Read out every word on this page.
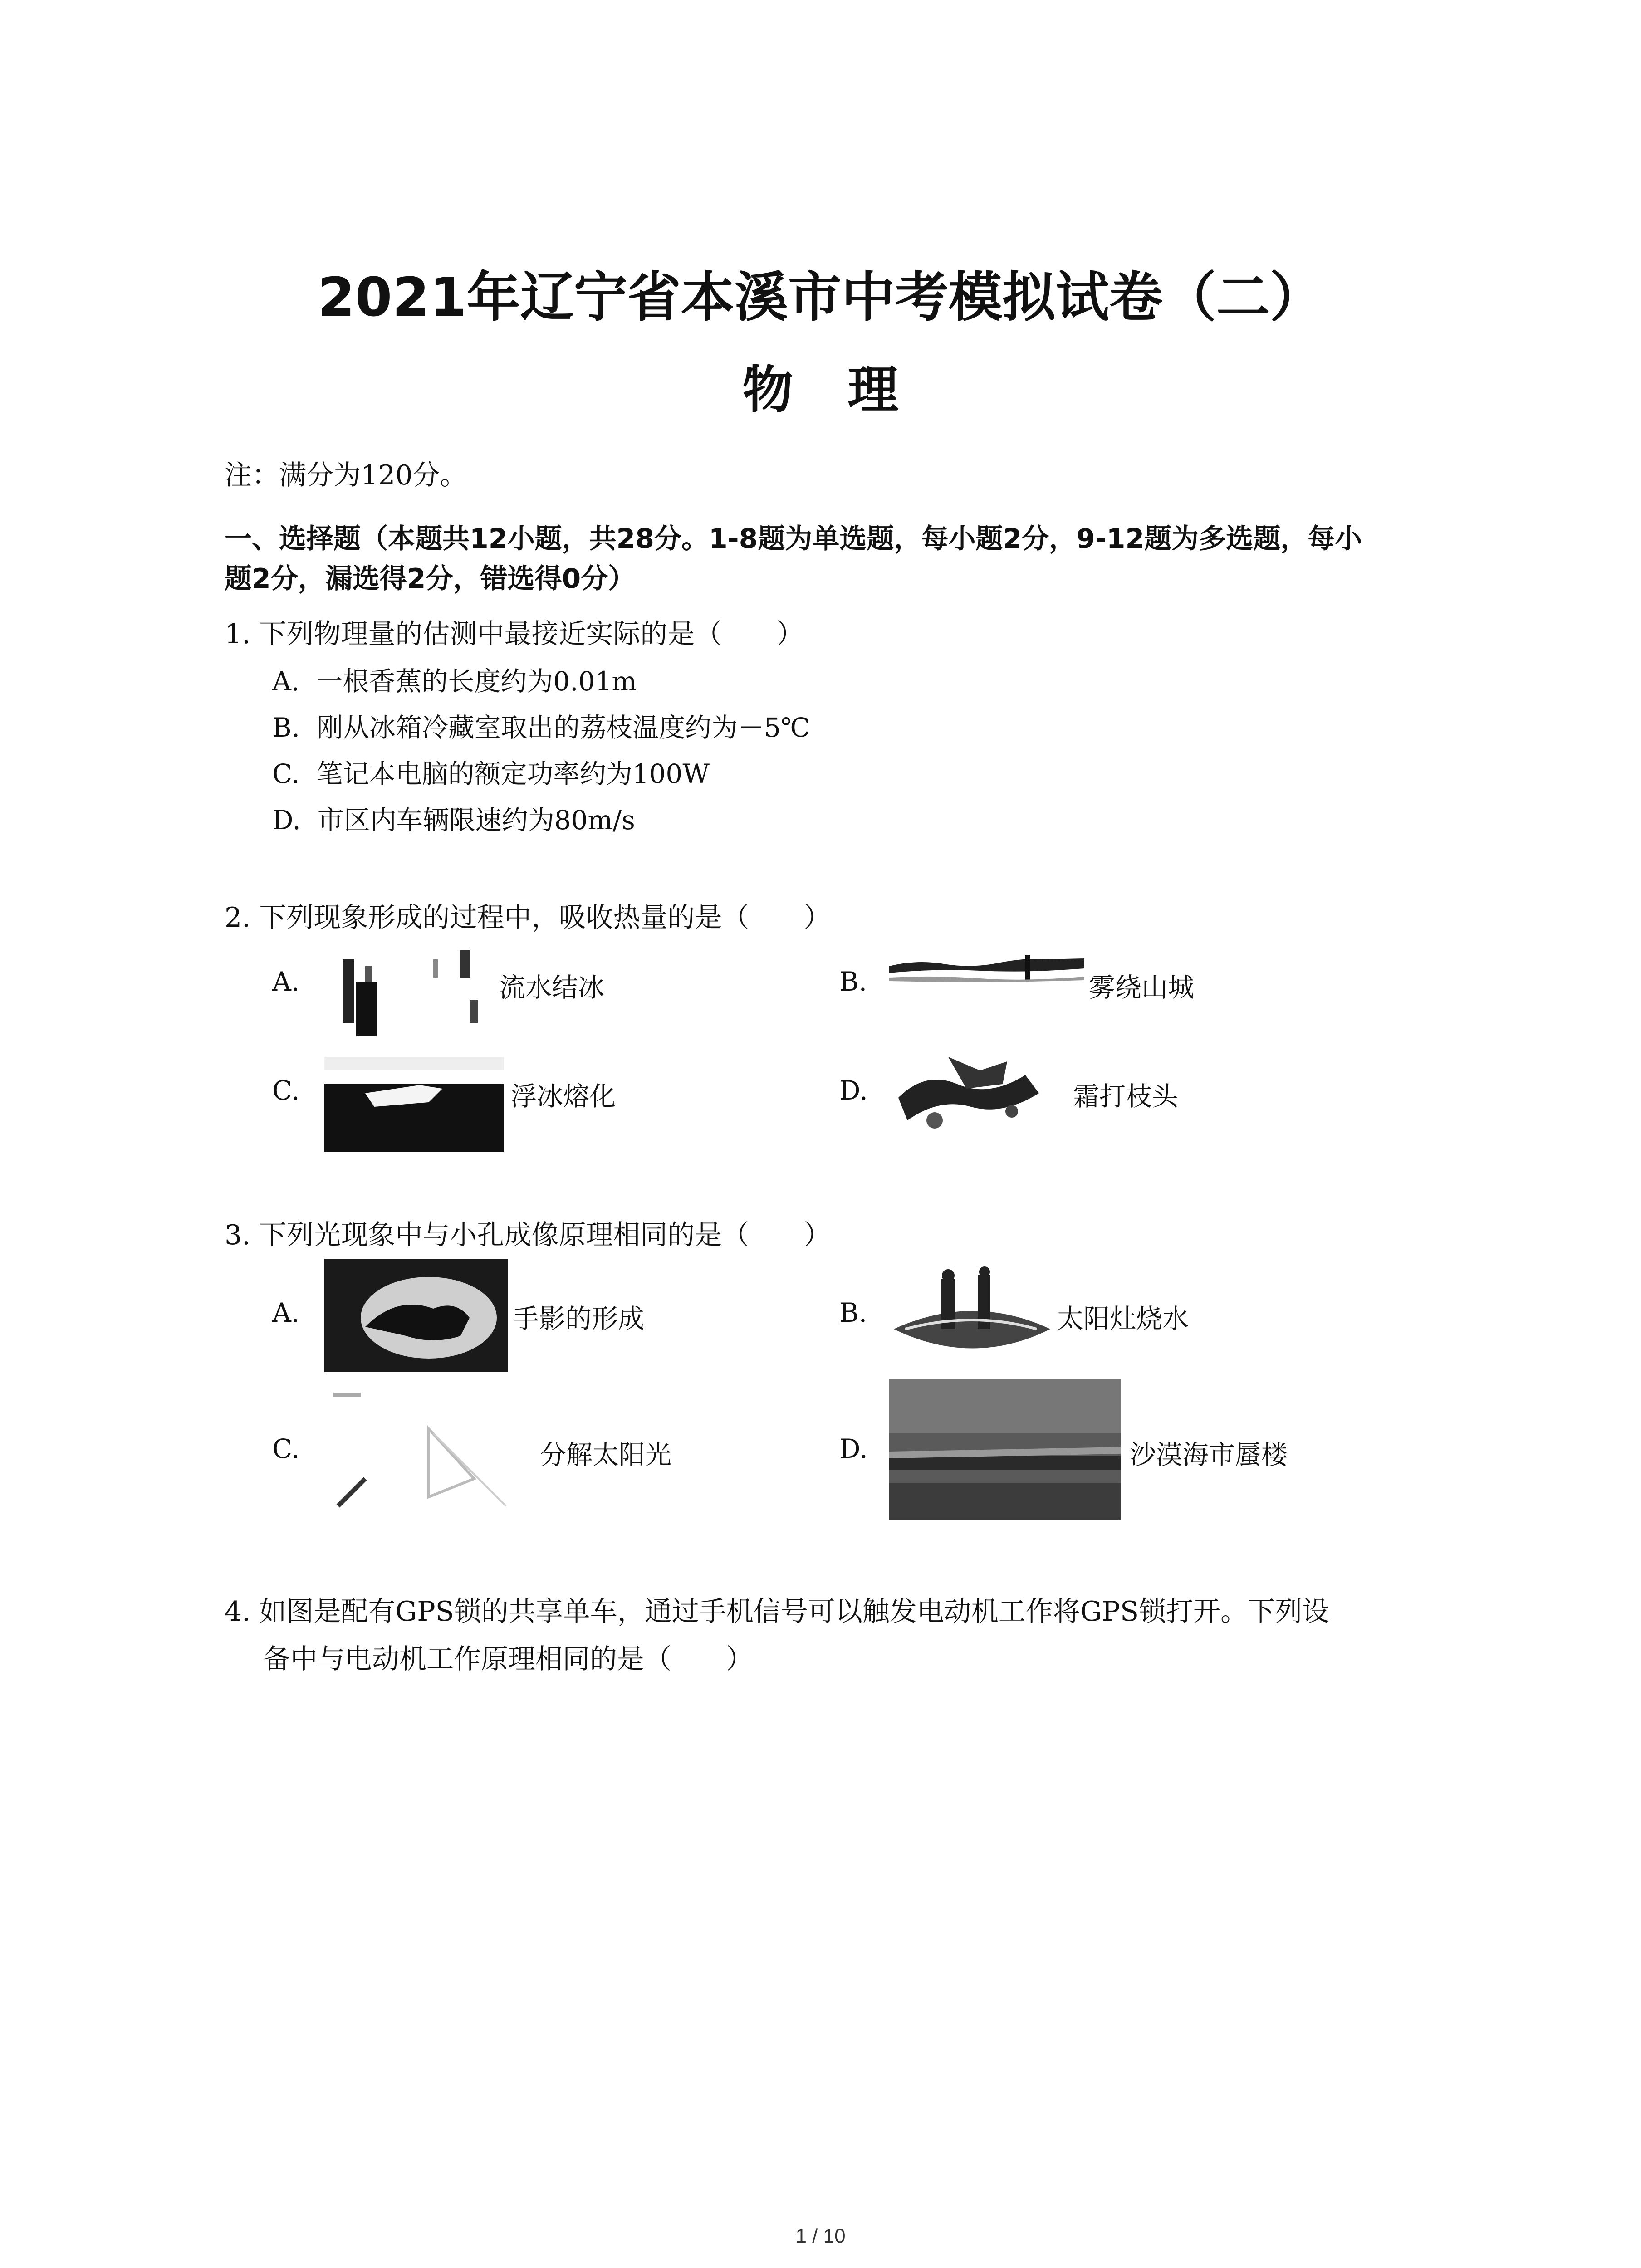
2021年辽宁省本溪市中考模拟试卷（二）
物理
注：满分为120分。
一、选择题（本题共12小题，共28分。1-8题为单选题，每小题2分，9-12题为多选题，每小
题2分，漏选得2分，错选得0分）
1. 下列物理量的估测中最接近实际的是（　　）
A. 一根香蕉的长度约为0.01m
B. 刚从冰箱冷藏室取出的荔枝温度约为－5℃
C. 笔记本电脑的额定功率约为100W
D. 市区内车辆限速约为80m/s
2. 下列现象形成的过程中，吸收热量的是（　　）
A.	流水结冰	B.	雾绕山城
C.	浮冰熔化	D.	霜打枝头
3. 下列光现象中与小孔成像原理相同的是（　　）
A.	手影的形成	B.	太阳灶烧水
C.	分解太阳光	D.	沙漠海市蜃楼
4. 如图是配有GPS锁的共享单车，通过手机信号可以触发电动机工作将GPS锁打开。下列设
备中与电动机工作原理相同的是（　　）
1 / 10
